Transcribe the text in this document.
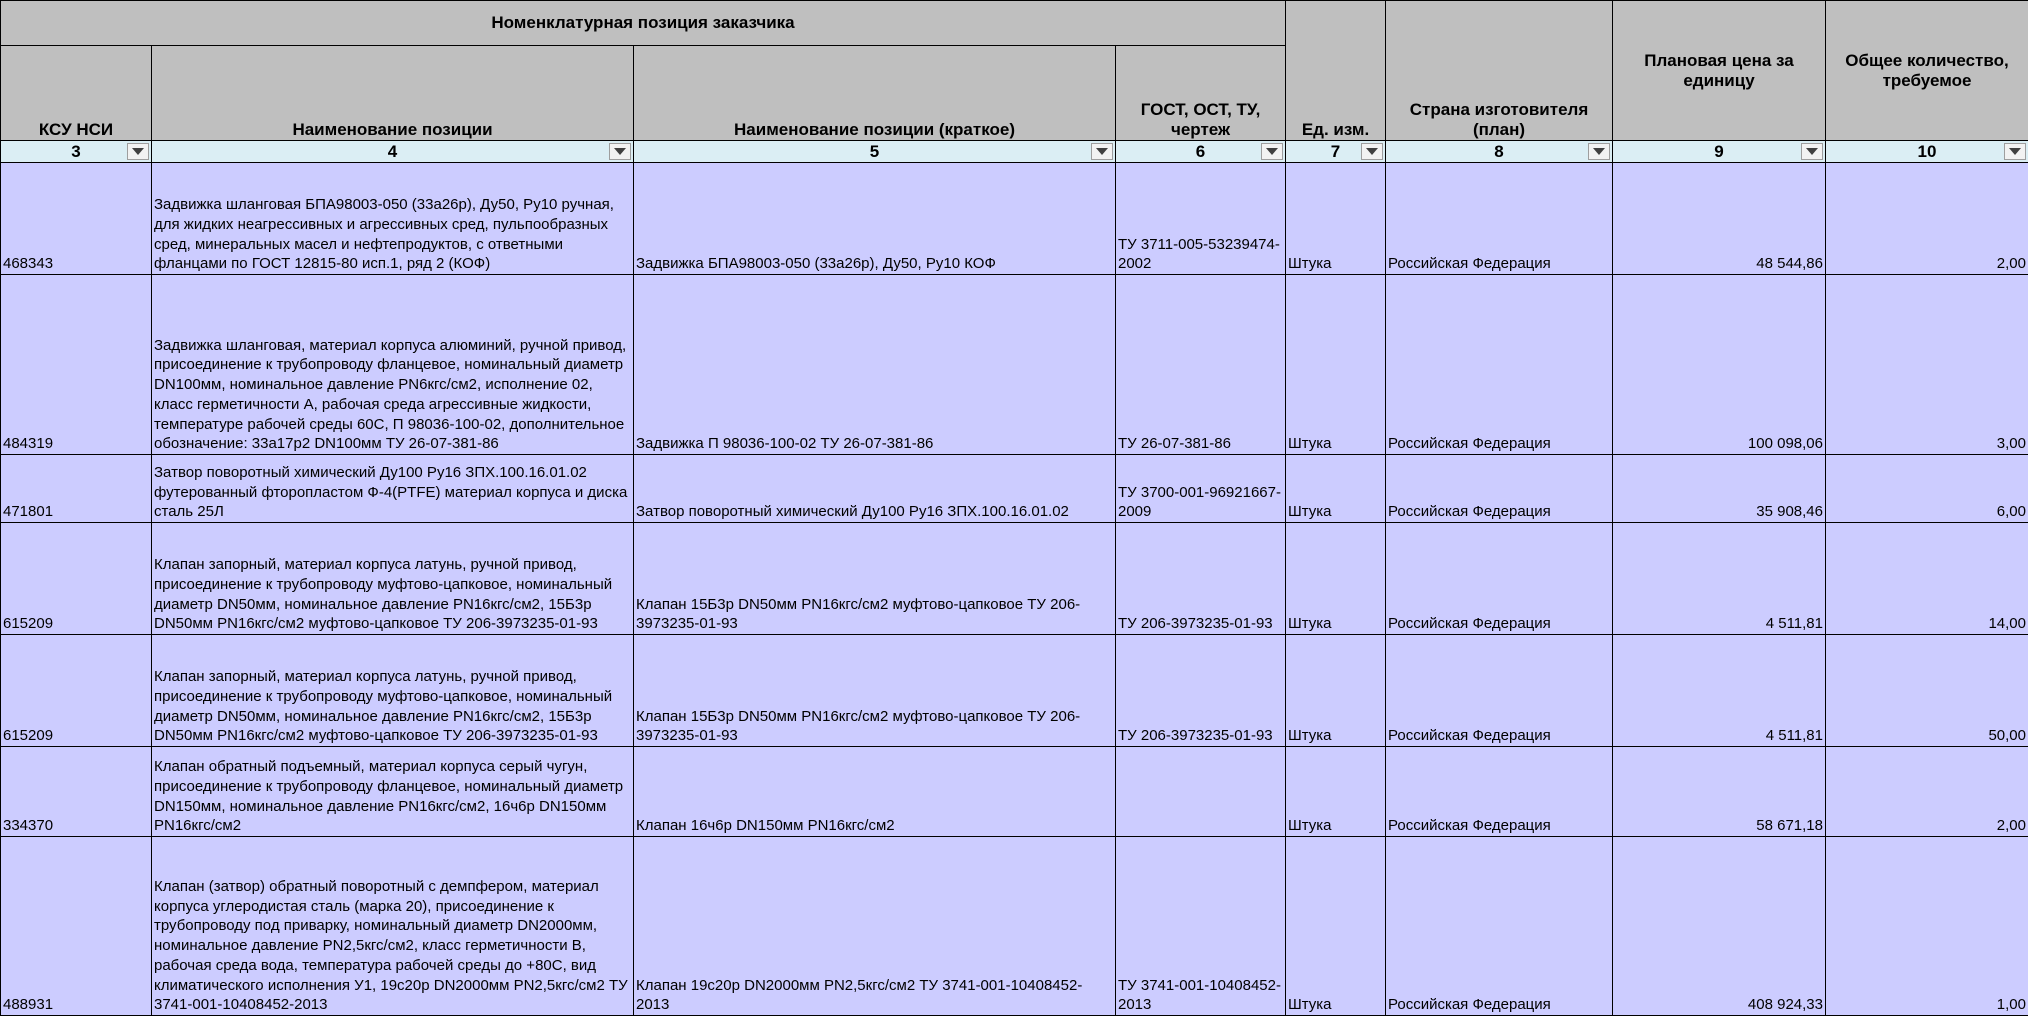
Номенклатурная позиция заказчика				Ед. изм.	Страна изготовителя (план)	Плановая цена за единицу	Общее количество, требуемое
КСУ НСИ	Наименование позиции	Наименование позиции (краткое)	ГОСТ, ОСТ, ТУ, чертеж				
3	4	5	6	7	8	9	10

468343	Задвижка шланговая БПА98003-050 (33а26р), Ду50, Ру10 ручная, для жидких неагрессивных и агрессивных сред, пульпообразных сред, минеральных масел и нефтепродуктов, с ответными фланцами по ГОСТ 12815-80 исп.1, ряд 2 (КОФ)	Задвижка БПА98003-050 (33а26р), Ду50, Ру10 КОФ	ТУ 3711-005-53239474-2002	Штука	Российская Федерация	48 544,86	2,00
484319	Задвижка шланговая, материал корпуса алюминий, ручной привод, присоединение к трубопроводу фланцевое, номинальный диаметр DN100мм, номинальное давление PN6кгс/см2, исполнение 02, класс герметичности А, рабочая среда агрессивные жидкости, температуре рабочей среды 60С, П 98036-100-02, дополнительное обозначение: 33а17р2 DN100мм ТУ 26-07-381-86	Задвижка П 98036-100-02 ТУ 26-07-381-86	ТУ 26-07-381-86	Штука	Российская Федерация	100 098,06	3,00
471801	Затвор поворотный химический Ду100 Ру16 ЗПХ.100.16.01.02 футерованный фторопластом Ф-4(PTFE) материал корпуса и диска сталь 25Л	Затвор поворотный химический Ду100 Ру16 ЗПХ.100.16.01.02	ТУ 3700-001-96921667-2009	Штука	Российская Федерация	35 908,46	6,00
615209	Клапан запорный, материал корпуса латунь, ручной привод, присоединение к трубопроводу муфтово-цапковое, номинальный диаметр DN50мм, номинальное давление PN16кгс/см2, 15Б3р DN50мм PN16кгс/см2 муфтово-цапковое ТУ 206-3973235-01-93	Клапан 15Б3р DN50мм PN16кгс/см2 муфтово-цапковое ТУ 206-3973235-01-93	ТУ 206-3973235-01-93	Штука	Российская Федерация	4 511,81	14,00
615209	Клапан запорный, материал корпуса латунь, ручной привод, присоединение к трубопроводу муфтово-цапковое, номинальный диаметр DN50мм, номинальное давление PN16кгс/см2, 15Б3р DN50мм PN16кгс/см2 муфтово-цапковое ТУ 206-3973235-01-93	Клапан 15Б3р DN50мм PN16кгс/см2 муфтово-цапковое ТУ 206-3973235-01-93	ТУ 206-3973235-01-93	Штука	Российская Федерация	4 511,81	50,00
334370	Клапан обратный подъемный, материал корпуса серый чугун, присоединение к трубопроводу фланцевое, номинальный диаметр DN150мм, номинальное давление PN16кгс/см2, 16ч6р DN150мм PN16кгс/см2	Клапан 16ч6р DN150мм PN16кгс/см2		Штука	Российская Федерация	58 671,18	2,00
488931	Клапан (затвор) обратный поворотный с демпфером, материал корпуса углеродистая сталь (марка 20), присоединение к трубопроводу под приварку, номинальный диаметр DN2000мм, номинальное давление PN2,5кгс/см2, класс герметичности В, рабочая среда вода, температура рабочей среды до +80С, вид климатического исполнения У1, 19с20р DN2000мм PN2,5кгс/см2 ТУ 3741-001-10408452-2013	Клапан 19с20р DN2000мм PN2,5кгс/см2 ТУ 3741-001-10408452-2013	ТУ 3741-001-10408452-2013	Штука	Российская Федерация	408 924,33	1,00
